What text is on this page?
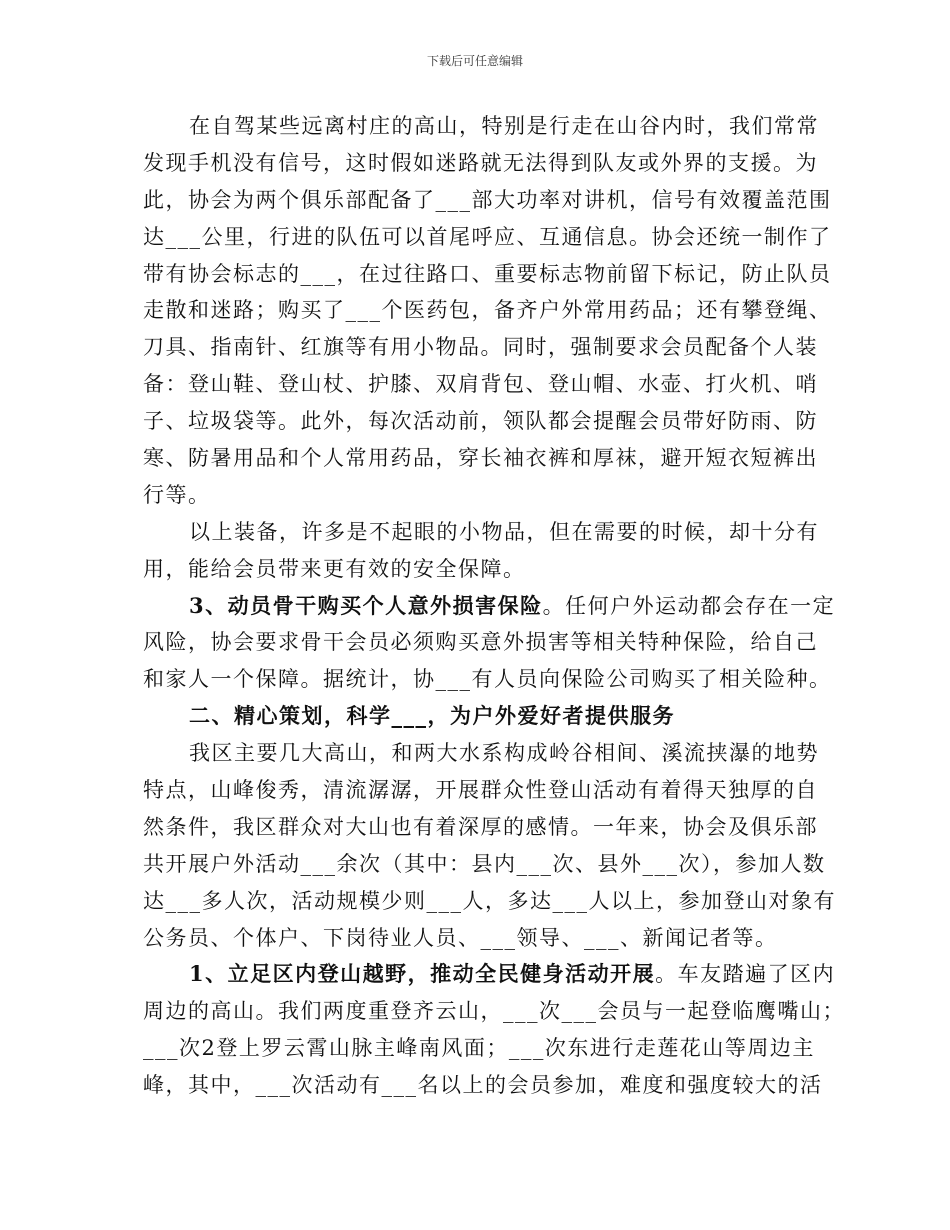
下载后可任意编辑
在自驾某些远离村庄的高山，特别是行走在山谷内时，我们常常
发现手机没有信号，这时假如迷路就无法得到队友或外界的支援。为
此，协会为两个俱乐部配备了___部大功率对讲机，信号有效覆盖范围
达___公里，行进的队伍可以首尾呼应、互通信息。协会还统一制作了
带有协会标志的___，在过往路口、重要标志物前留下标记，防止队员
走散和迷路；购买了___个医药包，备齐户外常用药品；还有攀登绳、
刀具、指南针、红旗等有用小物品。同时，强制要求会员配备个人装
备：登山鞋、登山杖、护膝、双肩背包、登山帽、水壶、打火机、哨
子、垃圾袋等。此外，每次活动前，领队都会提醒会员带好防雨、防
寒、防暑用品和个人常用药品，穿长袖衣裤和厚袜，避开短衣短裤出
行等。
以上装备，许多是不起眼的小物品，但在需要的时候，却十分有
用，能给会员带来更有效的安全保障。
3、动员骨干购买个人意外损害保险。任何户外运动都会存在一定
风险，协会要求骨干会员必须购买意外损害等相关特种保险，给自己
和家人一个保障。据统计，协___有人员向保险公司购买了相关险种。
二、精心策划，科学___，为户外爱好者提供服务
我区主要几大高山，和两大水系构成岭谷相间、溪流挟瀑的地势
特点，山峰俊秀，清流潺潺，开展群众性登山活动有着得天独厚的自
然条件，我区群众对大山也有着深厚的感情。一年来，协会及俱乐部
共开展户外活动___余次（其中：县内___次、县外___次），参加人数
达___多人次，活动规模少则___人，多达___人以上，参加登山对象有
公务员、个体户、下岗待业人员、___领导、___、新闻记者等。
1、立足区内登山越野，推动全民健身活动开展。车友踏遍了区内
周边的高山。我们两度重登齐云山，___次___会员与一起登临鹰嘴山；
___次2登上罗云霄山脉主峰南风面；___次东进行走莲花山等周边主
峰，其中，___次活动有___名以上的会员参加，难度和强度较大的活
